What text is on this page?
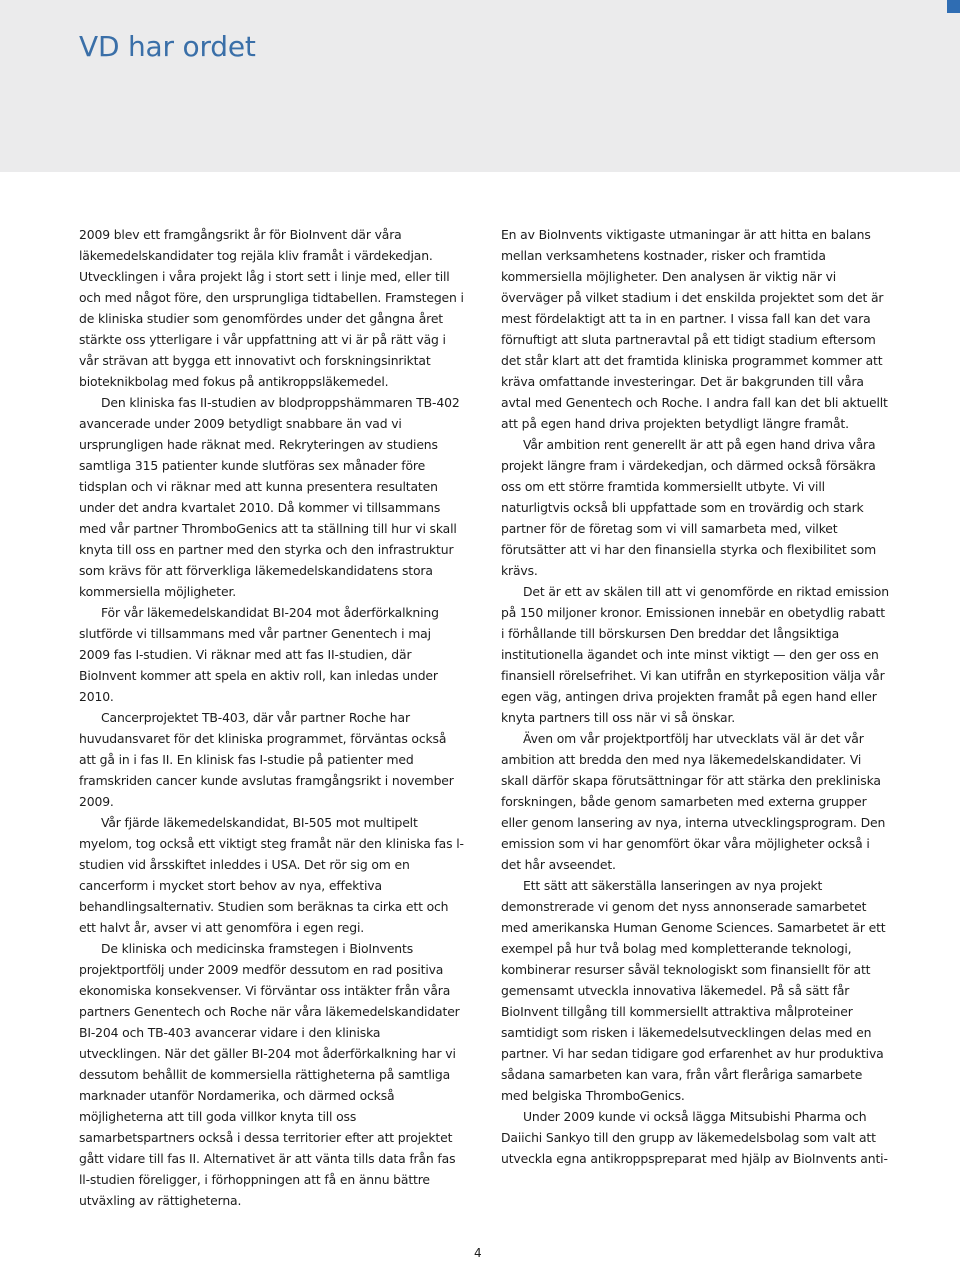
VD har ordet

2009 blev ett framgångsrikt år för BioInvent där våra läkemedelskandidater tog rejäla kliv framåt i värdekedjan. Utvecklingen i våra projekt låg i stort sett i linje med, eller till och med något före, den ursprungliga tidtabellen. Framstegen i de kliniska studier som genomfördes under det gångna året stärkte oss ytterligare i vår uppfattning att vi är på rätt väg i vår strävan att bygga ett innovativt och forskningsinriktat bioteknikbolag med fokus på antikroppsläkemedel.

Den kliniska fas II-studien av blodproppshämmaren TB-402 avancerade under 2009 betydligt snabbare än vad vi ursprungligen hade räknat med. Rekryteringen av studiens samtliga 315 patienter kunde slutföras sex månader före tidsplan och vi räknar med att kunna presentera resultaten under det andra kvartalet 2010. Då kommer vi tillsammans med vår partner ThromboGenics att ta ställning till hur vi skall knyta till oss en partner med den styrka och den infrastruktur som krävs för att förverkliga läkemedelskandidatens stora kommersiella möjligheter.

För vår läkemedelskandidat BI-204 mot åderförkalkning slutförde vi tillsammans med vår partner Genentech i maj 2009 fas I-studien. Vi räknar med att fas II-studien, där BioInvent kommer att spela en aktiv roll, kan inledas under 2010.

Cancerprojektet TB-403, där vår partner Roche har huvudansvaret för det kliniska programmet, förväntas också att gå in i fas II. En klinisk fas I-studie på patienter med framskriden cancer kunde avslutas framgångsrikt i november 2009.

Vår fjärde läkemedelskandidat, BI-505 mot multipelt myelom, tog också ett viktigt steg framåt när den kliniska fas l-studien vid årsskiftet inleddes i USA. Det rör sig om en cancerform i mycket stort behov av nya, effektiva behandlingsalternativ. Studien som beräknas ta cirka ett och ett halvt år, avser vi att genomföra i egen regi.

De kliniska och medicinska framstegen i BioInvents projektportfölj under 2009 medför dessutom en rad positiva ekonomiska konsekvenser. Vi förväntar oss intäkter från våra partners Genentech och Roche när våra läkemedelskandidater BI-204 och TB-403 avancerar vidare i den kliniska utvecklingen. När det gäller BI-204 mot åderförkalkning har vi dessutom behållit de kommersiella rättigheterna på samtliga marknader utanför Nordamerika, och därmed också möjligheterna att till goda villkor knyta till oss samarbetspartners också i dessa territorier efter att projektet gått vidare till fas II. Alternativet är att vänta tills data från fas ll-studien föreligger, i förhoppningen att få en ännu bättre utväxling av rättigheterna.

En av BioInvents viktigaste utmaningar är att hitta en balans mellan verksamhetens kostnader, risker och framtida kommersiella möjligheter. Den analysen är viktig när vi överväger på vilket stadium i det enskilda projektet som det är mest fördelaktigt att ta in en partner. I vissa fall kan det vara förnuftigt att sluta partneravtal på ett tidigt stadium eftersom det står klart att det framtida kliniska programmet kommer att kräva omfattande investeringar. Det är bakgrunden till våra avtal med Genentech och Roche. I andra fall kan det bli aktuellt att på egen hand driva projekten betydligt längre framåt.

Vår ambition rent generellt är att på egen hand driva våra projekt längre fram i värdekedjan, och därmed också försäkra oss om ett större framtida kommersiellt utbyte. Vi vill naturligtvis också bli uppfattade som en trovärdig och stark partner för de företag som vi vill samarbeta med, vilket förutsätter att vi har den finansiella styrka och flexibilitet som krävs.

Det är ett av skälen till att vi genomförde en riktad emission på 150 miljoner kronor. Emissionen innebär en obetydlig rabatt i förhållande till börskursen Den breddar det långsiktiga institutionella ägandet och inte minst viktigt — den ger oss en finansiell rörelsefrihet. Vi kan utifrån en styrkeposition välja vår egen väg, antingen driva projekten framåt på egen hand eller knyta partners till oss när vi så önskar.

Även om vår projektportfölj har utvecklats väl är det vår ambition att bredda den med nya läkemedelskandidater. Vi skall därför skapa förutsättningar för att stärka den prekliniska forskningen, både genom samarbeten med externa grupper eller genom lansering av nya, interna utvecklingsprogram. Den emission som vi har genomfört ökar våra möjligheter också i det hår avseendet.

Ett sätt att säkerställa lanseringen av nya projekt demonstrerade vi genom det nyss annonserade samarbetet med amerikanska Human Genome Sciences. Samarbetet är ett exempel på hur två bolag med kompletterande teknologi, kombinerar resurser såväl teknologiskt som finansiellt för att gemensamt utveckla innovativa läkemedel. På så sätt får BioInvent tillgång till kommersiellt attraktiva målproteiner samtidigt som risken i läkemedelsutvecklingen delas med en partner. Vi har sedan tidigare god erfarenhet av hur produktiva sådana samarbeten kan vara, från vårt fleråriga samarbete med belgiska ThromboGenics.

Under 2009 kunde vi också lägga Mitsubishi Pharma och Daiichi Sankyo till den grupp av läkemedelsbolag som valt att utveckla egna antikroppspreparat med hjälp av BioInvents anti-

4
